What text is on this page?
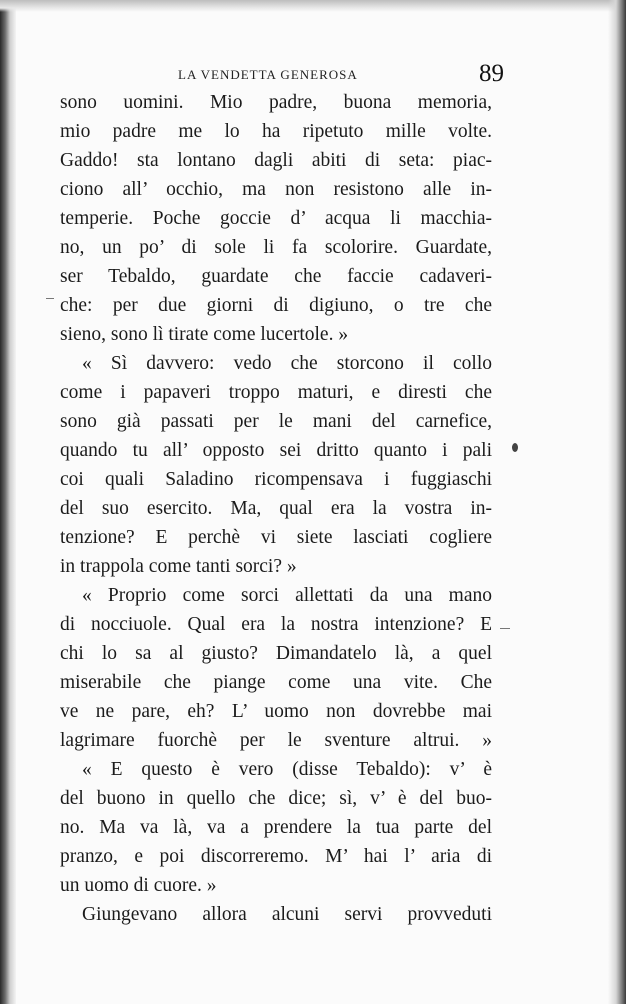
LA VENDETTA GENEROSA	89
sono uomini. Mio padre, buona memoria,
mio padre me lo ha ripetuto mille volte.
Gaddo! sta lontano dagli abiti di seta: piac-
ciono all’ occhio, ma non resistono alle in-
temperie. Poche goccie d’ acqua li macchia-
no, un po’ di sole li fa scolorire. Guardate,
ser Tebaldo, guardate che faccie cadaveri-
che: per due giorni di digiuno, o tre che
sieno, sono lì tirate come lucertole. »
« Sì davvero: vedo che storcono il collo
come i papaveri troppo maturi, e diresti che
sono già passati per le mani del carnefice,
quando tu all’ opposto sei dritto quanto i pali
coi quali Saladino ricompensava i fuggiaschi
del suo esercito. Ma, qual era la vostra in-
tenzione? E perchè vi siete lasciati cogliere
in trappola come tanti sorci? »
« Proprio come sorci allettati da una mano
di nocciuole. Qual era la nostra intenzione? E
chi lo sa al giusto? Dimandatelo là, a quel
miserabile che piange come una vite. Che
ve ne pare, eh? L’ uomo non dovrebbe mai
lagrimare fuorchè per le sventure altrui. »
« E questo è vero (disse Tebaldo): v’ è
del buono in quello che dice; sì, v’ è del buo-
no. Ma va là, va a prendere la tua parte del
pranzo, e poi discorreremo. M’ hai l’ aria di
un uomo di cuore. »
Giungevano allora alcuni servi provveduti
